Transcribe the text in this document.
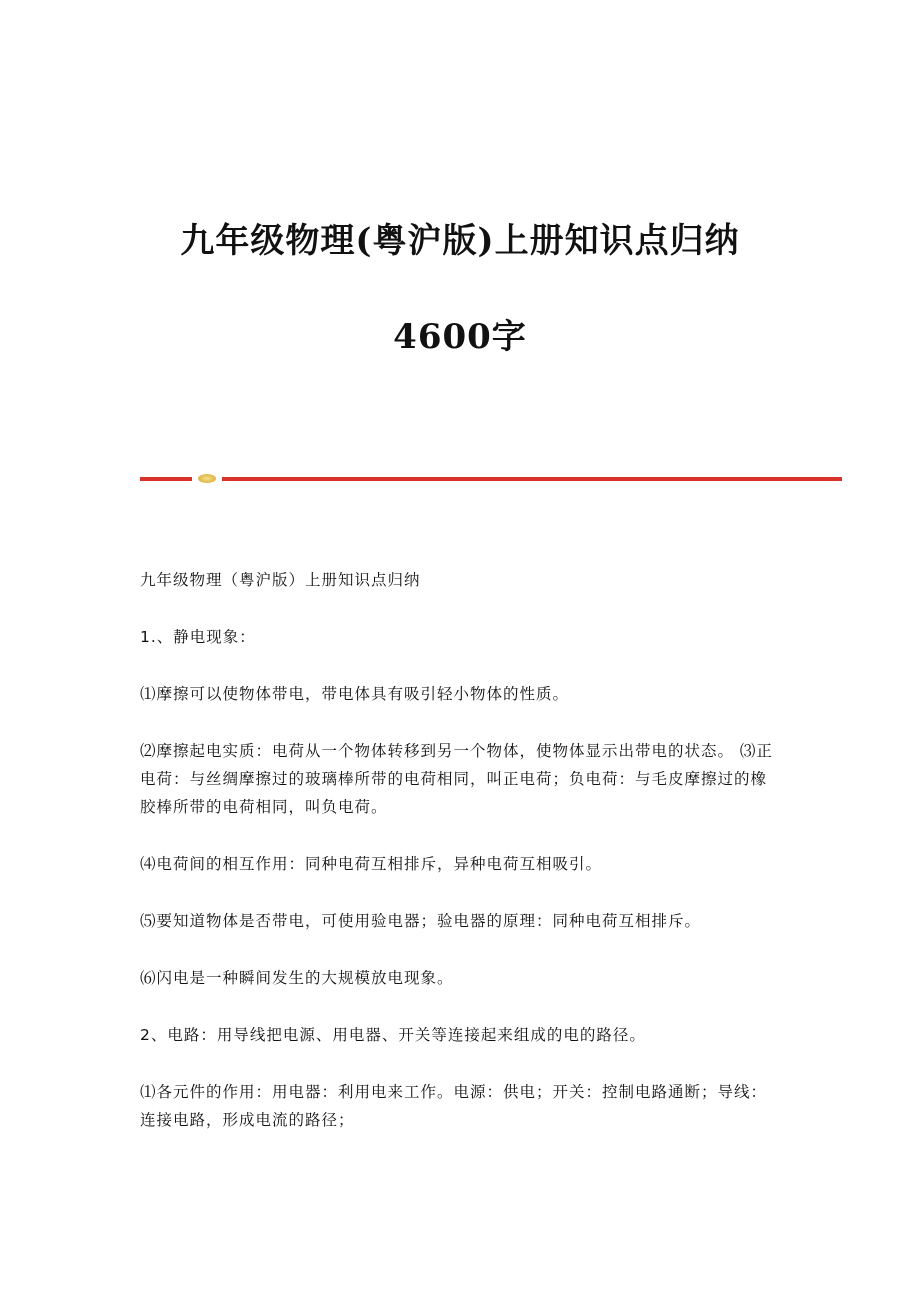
九年级物理(粤沪版)上册知识点归纳
4600字

九年级物理（粤沪版）上册知识点归纳

1.、静电现象：

⑴摩擦可以使物体带电，带电体具有吸引轻小物体的性质。

⑵摩擦起电实质：电荷从一个物体转移到另一个物体，使物体显示出带电的状态。 ⑶正电荷：与丝绸摩擦过的玻璃棒所带的电荷相同，叫正电荷；负电荷：与毛皮摩擦过的橡胶棒所带的电荷相同，叫负电荷。

⑷电荷间的相互作用：同种电荷互相排斥，异种电荷互相吸引。

⑸要知道物体是否带电，可使用验电器；验电器的原理：同种电荷互相排斥。

⑹闪电是一种瞬间发生的大规模放电现象。

2、电路：用导线把电源、用电器、开关等连接起来组成的电的路径。

⑴各元件的作用：用电器：利用电来工作。电源：供电；开关：控制电路通断；导线：连接电路，形成电流的路径；
